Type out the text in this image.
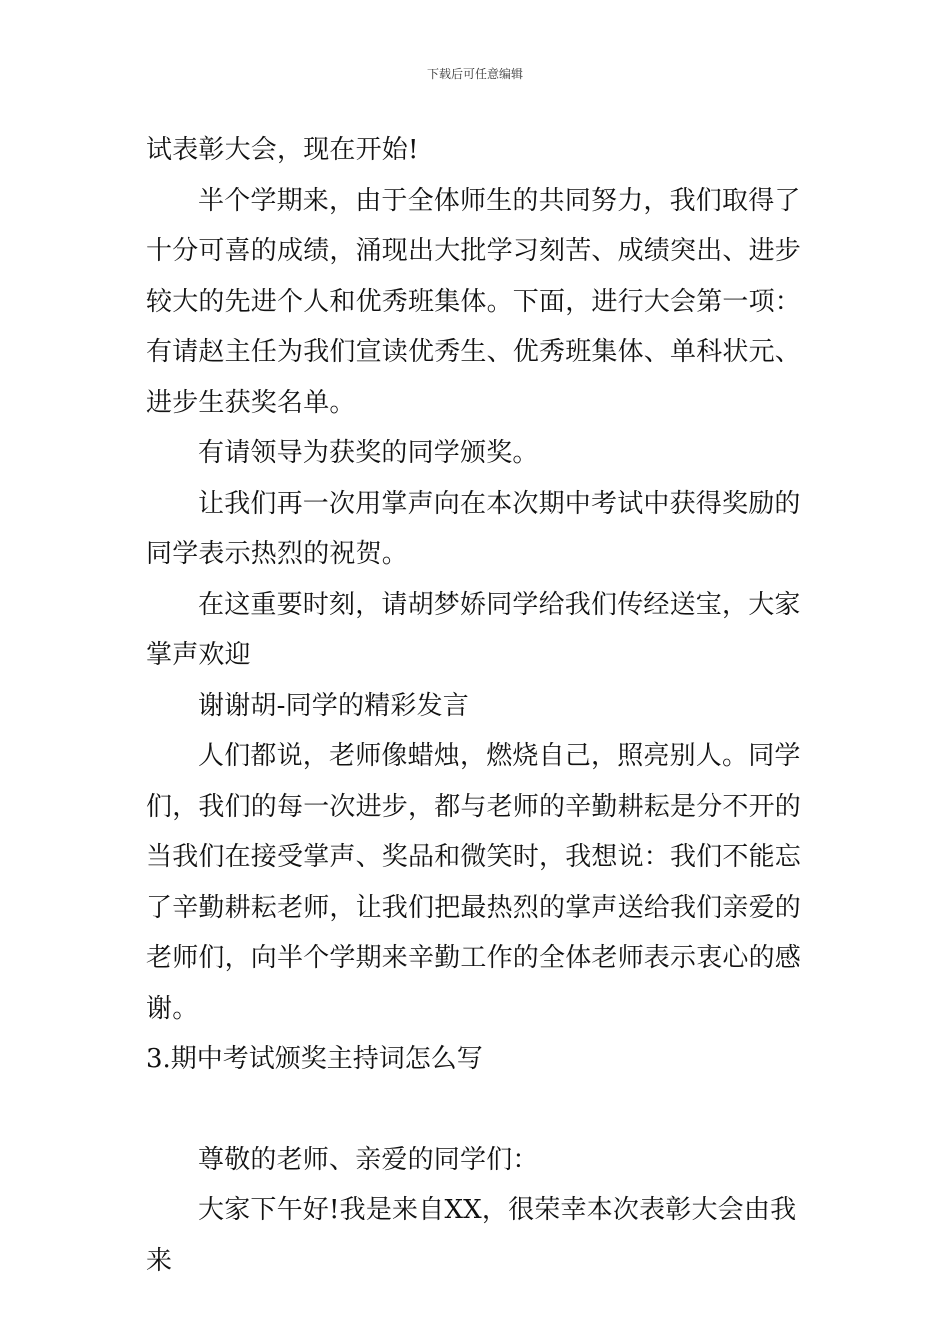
下载后可任意编辑

试表彰大会，现在开始!

半个学期来，由于全体师生的共同努力，我们取得了十分可喜的成绩，涌现出大批学习刻苦、成绩突出、进步较大的先进个人和优秀班集体。下面，进行大会第一项：有请赵主任为我们宣读优秀生、优秀班集体、单科状元、进步生获奖名单。

有请领导为获奖的同学颁奖。

让我们再一次用掌声向在本次期中考试中获得奖励的同学表示热烈的祝贺。

在这重要时刻，请胡梦娇同学给我们传经送宝，大家掌声欢迎

谢谢胡-同学的精彩发言

人们都说，老师像蜡烛，燃烧自己，照亮别人。同学们，我们的每一次进步，都与老师的辛勤耕耘是分不开的当我们在接受掌声、奖品和微笑时，我想说：我们不能忘了辛勤耕耘老师，让我们把最热烈的掌声送给我们亲爱的老师们，向半个学期来辛勤工作的全体老师表示衷心的感谢。

3.期中考试颁奖主持词怎么写

尊敬的老师、亲爱的同学们：

大家下午好!我是来自XX，很荣幸本次表彰大会由我来
